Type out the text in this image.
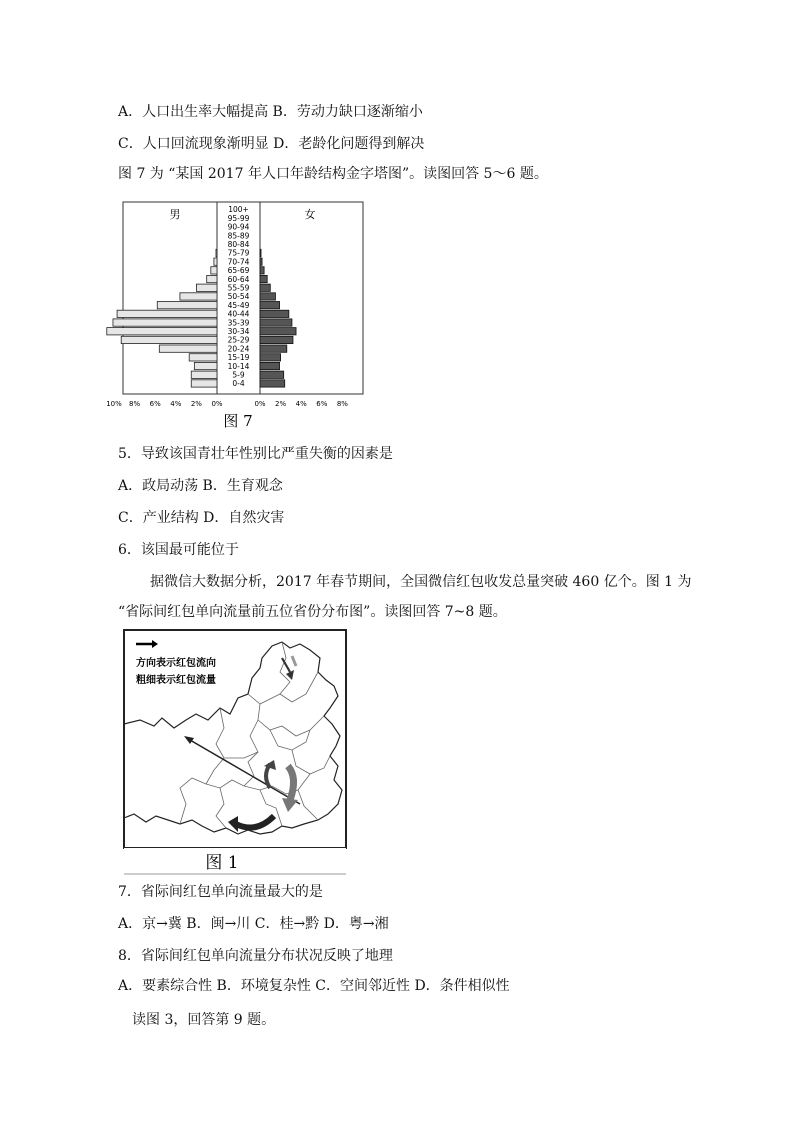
A．人口出生率大幅提高 B．劳动力缺口逐渐缩小
C．人口回流现象渐明显 D．老龄化问题得到解决
图 7 为 “某国 2017 年人口年龄结构金字塔图”。读图回答 5～6 题。
男	女
100+
95-99
90-94
85-89
80-84
75-79
70-74
65-69
60-64
55-59
50-54
45-49
40-44
35-39
30-34
25-29
20-24
15-19
10-14
5-9
0-4
10% 8% 6% 4% 2% 0%	0% 2% 4% 6% 8%
图 7
5．导致该国青壮年性别比严重失衡的因素是
A．政局动荡 B．生育观念
C．产业结构 D．自然灾害
6．该国最可能位于
据微信大数据分析，2017 年春节期间，全国微信红包收发总量突破 460 亿个。图 1 为
“省际间红包单向流量前五位省份分布图”。读图回答 7~8 题。
方向表示红包流向
粗细表示红包流量
图 1
7．省际间红包单向流量最大的是
A．京→冀 B．闽→川 C．桂→黔 D．粤→湘
8．省际间红包单向流量分布状况反映了地理
A．要素综合性 B．环境复杂性 C．空间邻近性 D．条件相似性
读图 3，回答第 9 题。
